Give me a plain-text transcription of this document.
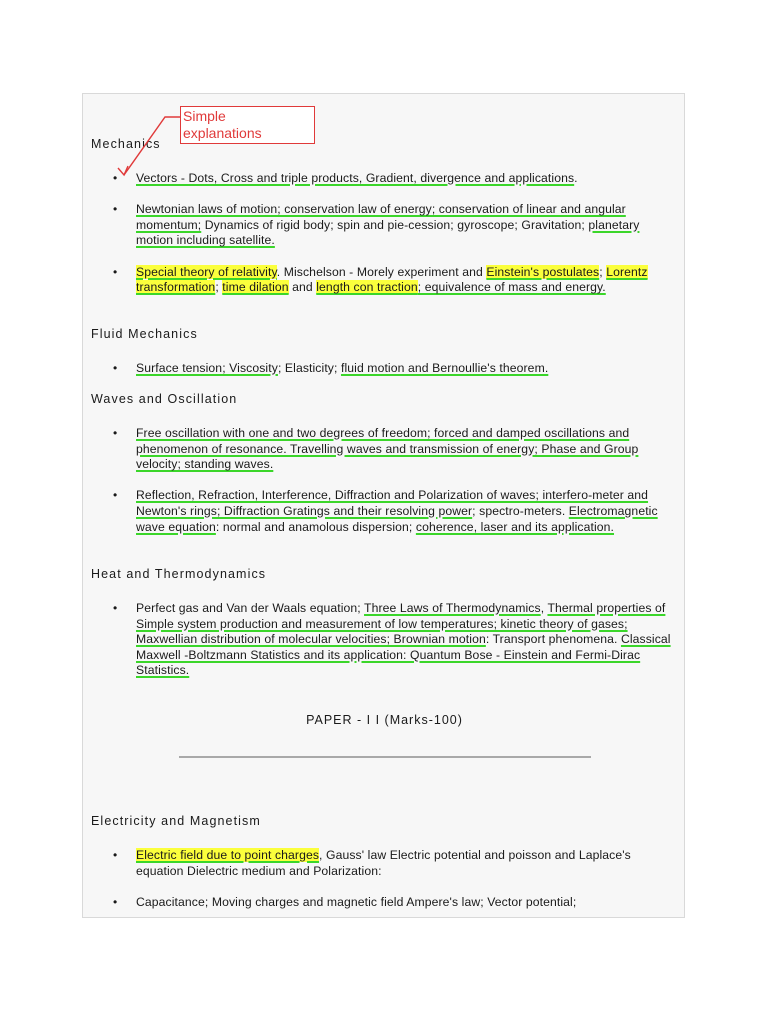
Mechanics
• Vectors - Dots, Cross and triple products, Gradient, divergence and applications.
• Newtonian laws of motion; conservation law of energy; conservation of linear and angular momentum; Dynamics of rigid body; spin and pie-cession; gyroscope; Gravitation; planetary motion including satellite.
• Special theory of relativity. Mischelson - Morely experiment and Einstein's postulates; Lorentz transformation; time dilation and length con traction; equivalence of mass and energy.
Fluid Mechanics
• Surface tension; Viscosity; Elasticity; fluid motion and Bernoullie's theorem.
Waves and Oscillation
• Free oscillation with one and two degrees of freedom; forced and damped oscillations and phenomenon of resonance. Travelling waves and transmission of energy; Phase and Group velocity; standing waves.
• Reflection, Refraction, Interference, Diffraction and Polarization of waves; interfero-meter and Newton's rings; Diffraction Gratings and their resolving power; spectro-meters. Electromagnetic wave equation: normal and anamolous dispersion; coherence, laser and its application.
Heat and Thermodynamics
• Perfect gas and Van der Waals equation; Three Laws of Thermodynamics, Thermal properties of Simple system production and measurement of low temperatures; kinetic theory of gases; Maxwellian distribution of molecular velocities; Brownian motion: Transport phenomena. Classical Maxwell -Boltzmann Statistics and its application: Quantum Bose - Einstein and Fermi-Dirac Statistics.
PAPER - I I (Marks-100)
Electricity and Magnetism
• Electric field due to point charges, Gauss' law Electric potential and poisson and Laplace's equation Dielectric medium and Polarization:
• Capacitance; Moving charges and magnetic field Ampere's law; Vector potential;
Simple
explanations
